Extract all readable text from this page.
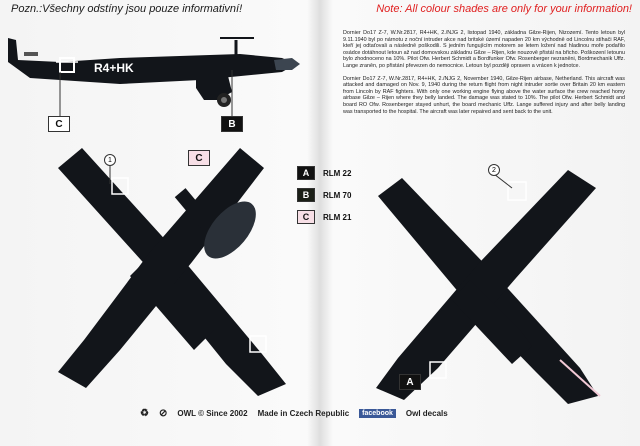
Pozn.:Všechny odstíny jsou pouze informativní!	Note: All colour shades are only for your information!
R4+HK

Dornier Do17 Z-7, W.Nr.2817, R4+HK, 2./NJG 2, listopad 1940, základna Gilze-Rijen, Nizozemí. Tento letoun byl 9.11.1940 byl po nárnotu z noční intruder akce nad britské území napaden 20 km východně od Lincolnu stíhači RAF, kteří jej odtaťovali a následně poškodili. S jedním fungujícím motorem se letem ložení nad hladinou moře podařilo osádce dotáhnout letoun až nad domovskou základnu Gilze – Rijen, kde nouzově přistál na břicho. Poškození letounu bylo zhodnoceno na 10%. Pilot Ofw. Herbert Schmidt a Bordfunker Ofw. Rosenberger nezraněni, Bordmechanik Uffz. Lange zraněn, po přistání převezen do nemocnice. Letoun byl později opraven a vrácen k jednotce.

Dornier Do17 Z-7, W.Nr.2817, R4+HK, 2./NJG 2, November 1940, Gilze-Rijen airbase, Netherland. This aircraft was attacked and damaged on Nov. 9, 1940 during the return flight from night intruder sortie over Britain 20 km eastern from Lincoln by RAF fighters. With only one working engine flying above the water surface the crew reached homy airbase Gilze – Rijen where they belly landed. The damage was stated to 10%. The pilot Ofw. Herbert Schmidt and board RO Ofw. Rosenberger stayed unhurt, the board mechanic Uffz. Lange suffered injury and after belly landing was transported to the hospital. The aircraft was later repaired and sent back to the unit.

C	B
C
A
1
2
A	RLM 22
B	RLM 70
C	RLM 21
♻ ⊘ OWL © Since 2002 Made in Czech Republic	facebook	Owl decals
